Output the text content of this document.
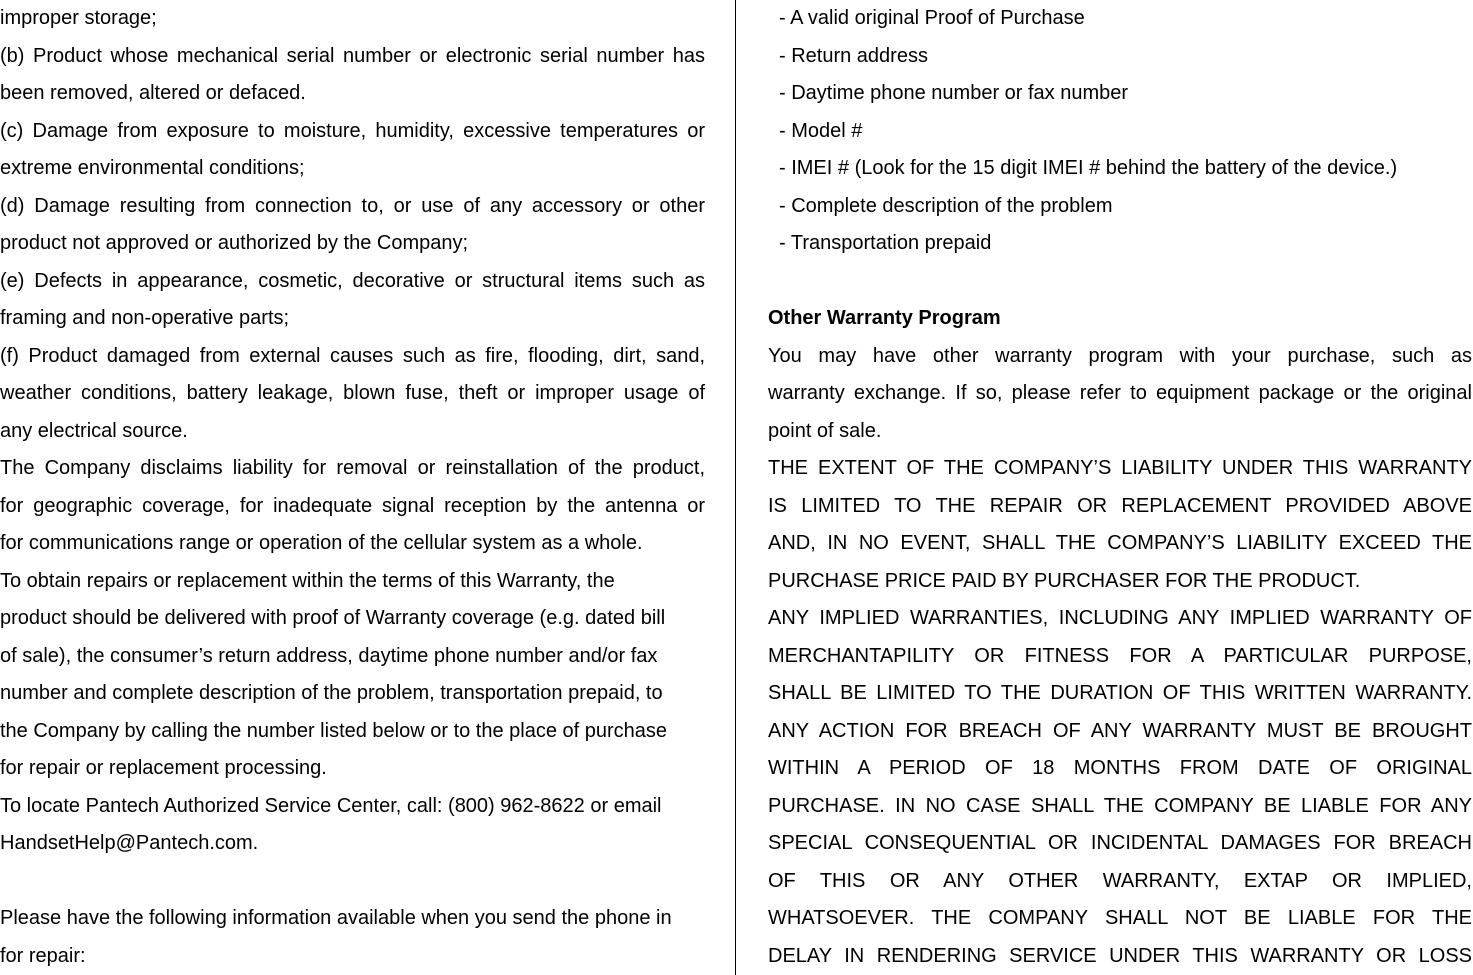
improper storage;
(b) Product whose mechanical serial number or electronic serial number has
been removed, altered or defaced.
(c) Damage from exposure to moisture, humidity, excessive temperatures or
extreme environmental conditions;
(d) Damage resulting from connection to, or use of any accessory or other
product not approved or authorized by the Company;
(e) Defects in appearance, cosmetic, decorative or structural items such as
framing and non-operative parts;
(f) Product damaged from external causes such as fire, flooding, dirt, sand,
weather conditions, battery leakage, blown fuse, theft or improper usage of
any electrical source.
The Company disclaims liability for removal or reinstallation of the product,
for geographic coverage, for inadequate signal reception by the antenna or
for communications range or operation of the cellular system as a whole.
To obtain repairs or replacement within the terms of this Warranty, the
product should be delivered with proof of Warranty coverage (e.g. dated bill
of sale), the consumer’s return address, daytime phone number and/or fax
number and complete description of the problem, transportation prepaid, to
the Company by calling the number listed below or to the place of purchase
for repair or replacement processing.
To locate Pantech Authorized Service Center, call: (800) 962-8622 or email
HandsetHelp@Pantech.com.
Please have the following information available when you send the phone in
for repair:
- A valid original Proof of Purchase
- Return address
- Daytime phone number or fax number
- Model #
- IMEI # (Look for the 15 digit IMEI # behind the battery of the device.)
- Complete description of the problem
- Transportation prepaid
Other Warranty Program
You may have other warranty program with your purchase, such as
warranty exchange. If so, please refer to equipment package or the original
point of sale.
THE EXTENT OF THE COMPANY’S LIABILITY UNDER THIS WARRANTY
IS LIMITED TO THE REPAIR OR REPLACEMENT PROVIDED ABOVE
AND, IN NO EVENT, SHALL THE COMPANY’S LIABILITY EXCEED THE
PURCHASE PRICE PAID BY PURCHASER FOR THE PRODUCT.
ANY IMPLIED WARRANTIES, INCLUDING ANY IMPLIED WARRANTY OF
MERCHANTAPILITY OR FITNESS FOR A PARTICULAR PURPOSE,
SHALL BE LIMITED TO THE DURATION OF THIS WRITTEN WARRANTY.
ANY ACTION FOR BREACH OF ANY WARRANTY MUST BE BROUGHT
WITHIN A PERIOD OF 18 MONTHS FROM DATE OF ORIGINAL
PURCHASE. IN NO CASE SHALL THE COMPANY BE LIABLE FOR ANY
SPECIAL CONSEQUENTIAL OR INCIDENTAL DAMAGES FOR BREACH
OF THIS OR ANY OTHER WARRANTY, EXTAP OR IMPLIED,
WHATSOEVER. THE COMPANY SHALL NOT BE LIABLE FOR THE
DELAY IN RENDERING SERVICE UNDER THIS WARRANTY OR LOSS
